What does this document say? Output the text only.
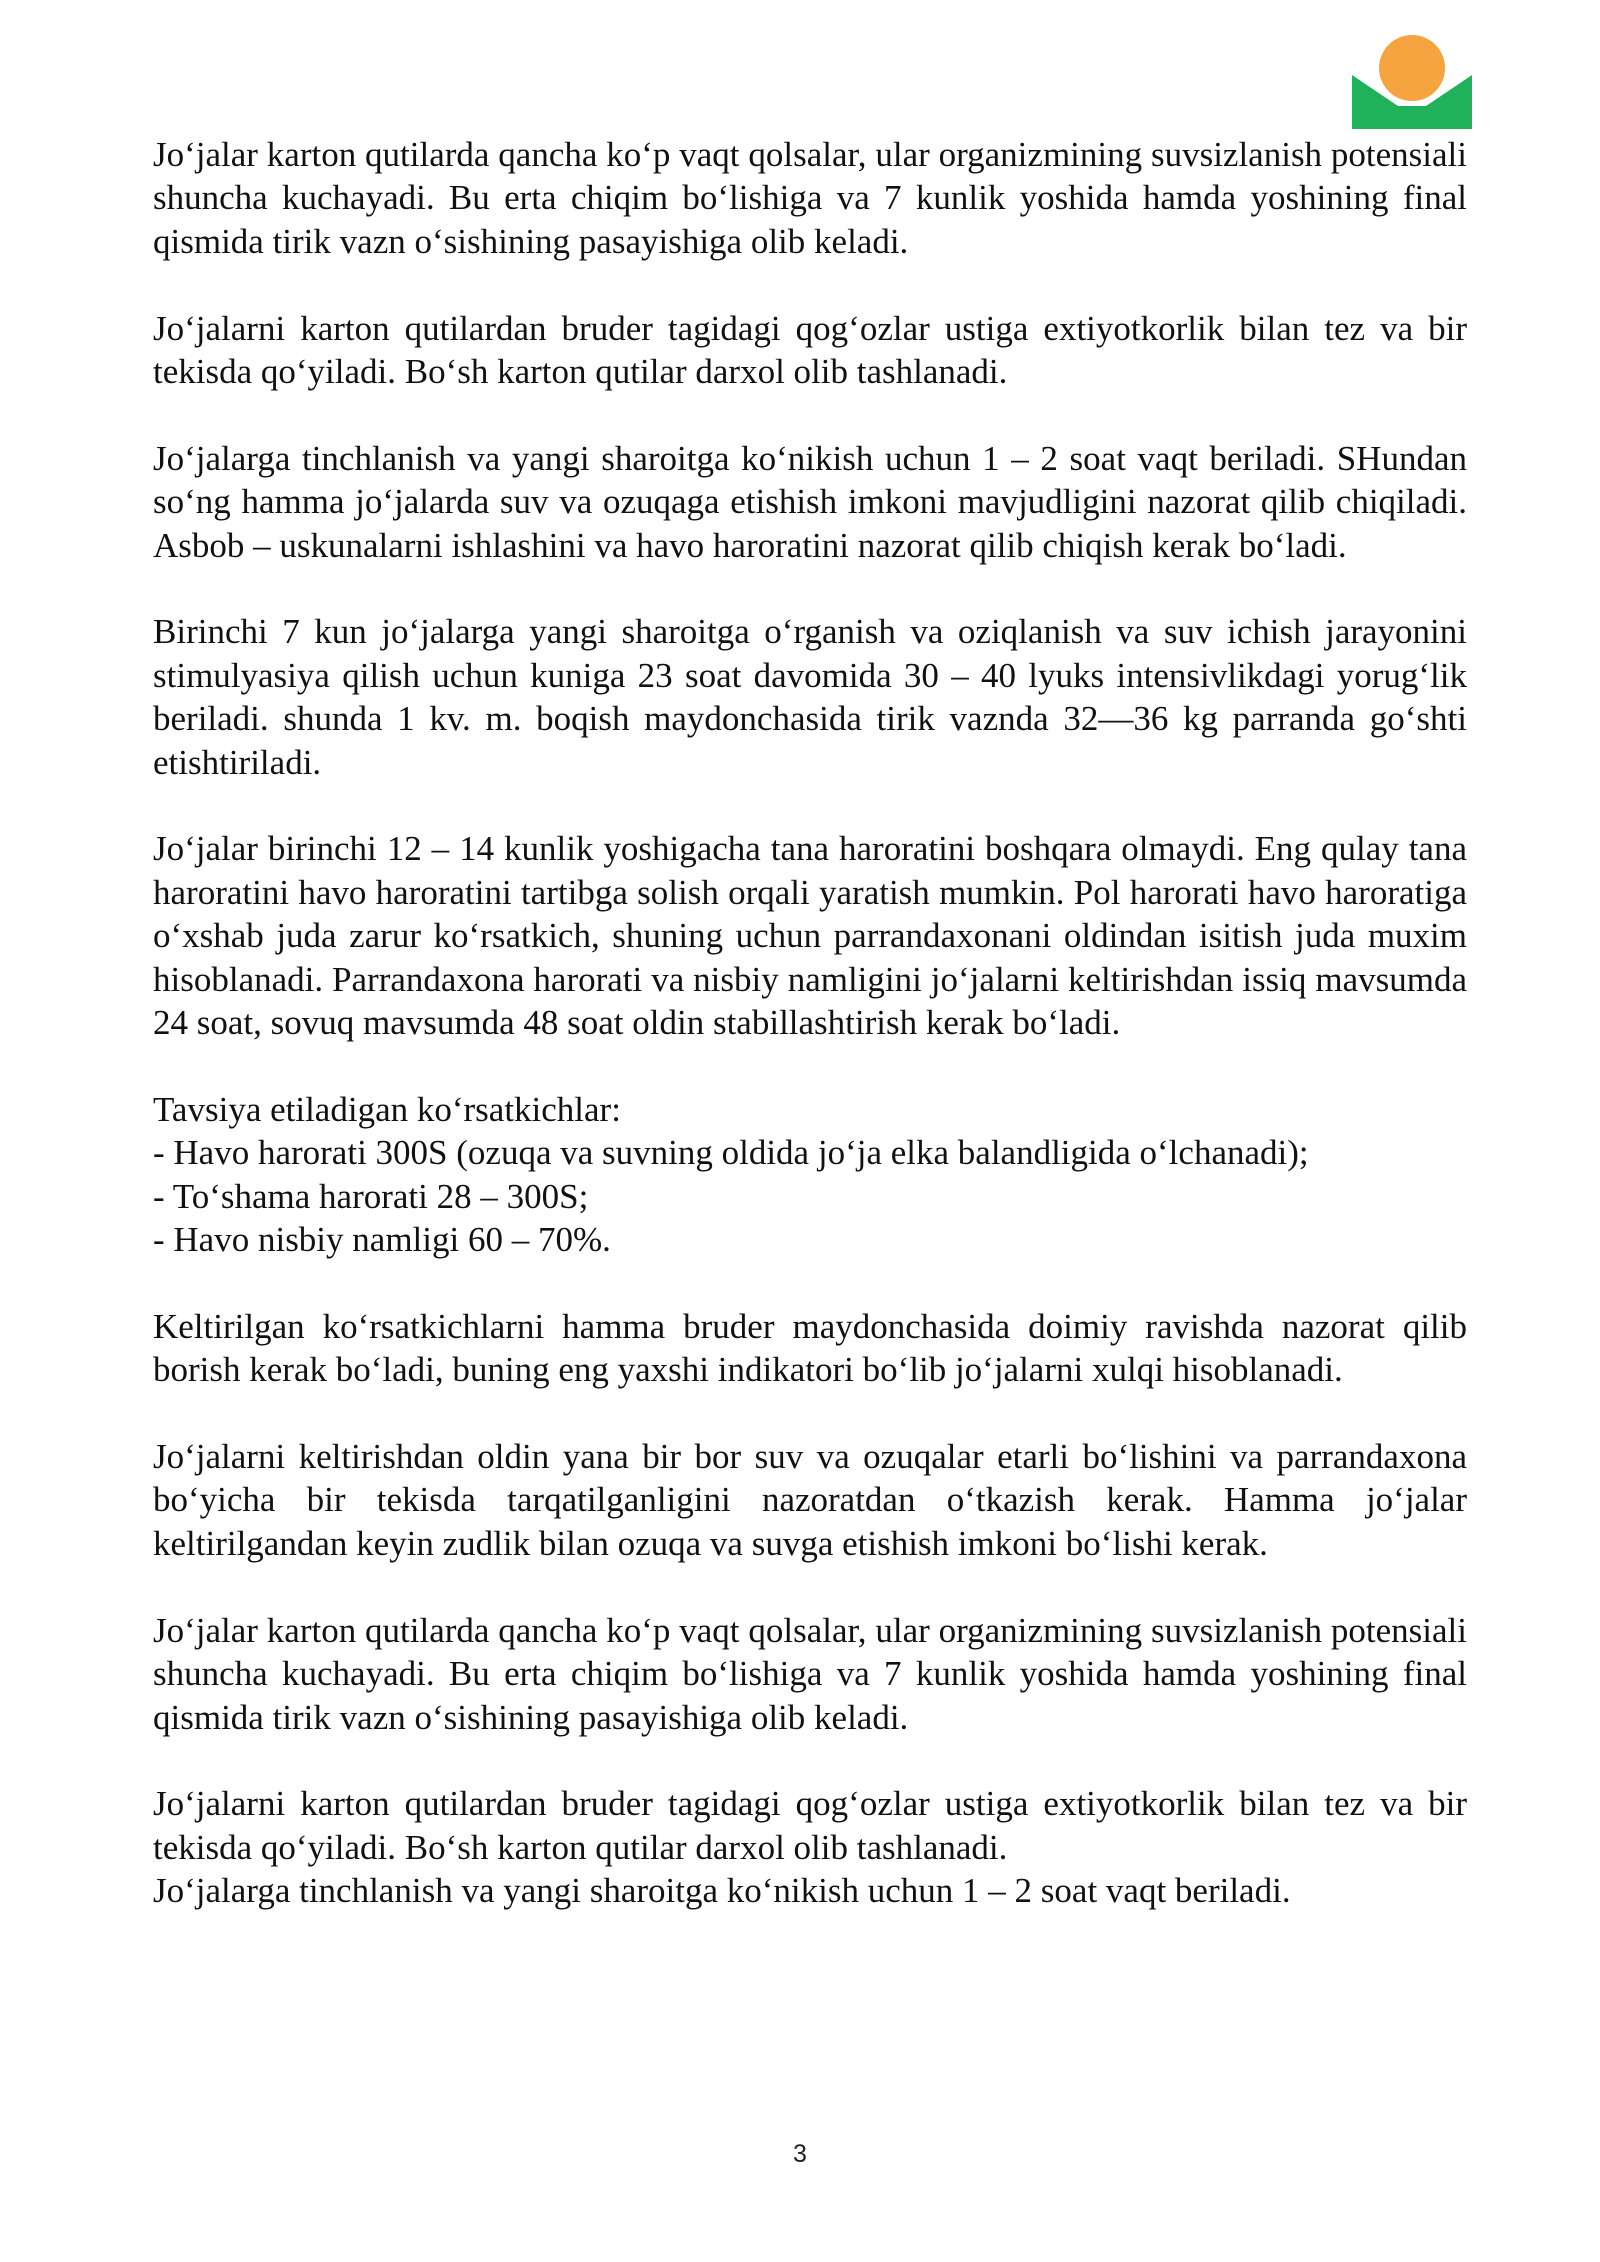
Jo‘jalar karton qutilarda qancha ko‘p vaqt qolsalar, ular organizmining suvsizlanish potensiali shuncha kuchayadi. Bu erta chiqim bo‘lishiga va 7 kunlik yoshida hamda yoshining final qismida tirik vazn o‘sishining pasayishiga olib keladi.

Jo‘jalarni karton qutilardan bruder tagidagi qog‘ozlar ustiga extiyotkorlik bilan tez va bir tekisda qo‘yiladi. Bo‘sh karton qutilar darxol olib tashlanadi.

Jo‘jalarga tinchlanish va yangi sharoitga ko‘nikish uchun 1 – 2 soat vaqt beriladi. SHundan so‘ng hamma jo‘jalarda suv va ozuqaga etishish imkoni mavjudligini nazorat qilib chiqiladi. Asbob – uskunalarni ishlashini va havo haroratini nazorat qilib chiqish kerak bo‘ladi.

Birinchi 7 kun jo‘jalarga yangi sharoitga o‘rganish va oziqlanish va suv ichish jarayonini stimulyasiya qilish uchun kuniga 23 soat davomida 30 – 40 lyuks intensivlikdagi yorug‘lik beriladi. shunda 1 kv. m. boqish maydonchasida tirik vaznda 32—36 kg parranda go‘shti etishtiriladi.

Jo‘jalar birinchi 12 – 14 kunlik yoshigacha tana haroratini boshqara olmaydi. Eng qulay tana haroratini havo haroratini tartibga solish orqali yaratish mumkin. Pol harorati havo haroratiga o‘xshab juda zarur ko‘rsatkich, shuning uchun parrandaxonani oldindan isitish juda muxim hisoblanadi. Parrandaxona harorati va nisbiy namligini jo‘jalarni keltirishdan issiq mavsumda 24 soat, sovuq mavsumda 48 soat oldin stabillashtirish kerak bo‘ladi.

Tavsiya etiladigan ko‘rsatkichlar:
- Havo harorati 300S (ozuqa va suvning oldida jo‘ja elka balandligida o‘lchanadi);
- To‘shama harorati 28 – 300S;
- Havo nisbiy namligi 60 – 70%.

Keltirilgan ko‘rsatkichlarni hamma bruder maydonchasida doimiy ravishda nazorat qilib borish kerak bo‘ladi, buning eng yaxshi indikatori bo‘lib jo‘jalarni xulqi hisoblanadi.

Jo‘jalarni keltirishdan oldin yana bir bor suv va ozuqalar etarli bo‘lishini va parrandaxona bo‘yicha bir tekisda tarqatilganligini nazoratdan o‘tkazish kerak. Hamma jo‘jalar keltirilgandan keyin zudlik bilan ozuqa va suvga etishish imkoni bo‘lishi kerak.

Jo‘jalar karton qutilarda qancha ko‘p vaqt qolsalar, ular organizmining suvsizlanish potensiali shuncha kuchayadi. Bu erta chiqim bo‘lishiga va 7 kunlik yoshida hamda yoshining final qismida tirik vazn o‘sishining pasayishiga olib keladi.

Jo‘jalarni karton qutilardan bruder tagidagi qog‘ozlar ustiga extiyotkorlik bilan tez va bir tekisda qo‘yiladi. Bo‘sh karton qutilar darxol olib tashlanadi.

Jo‘jalarga tinchlanish va yangi sharoitga ko‘nikish uchun 1 – 2 soat vaqt beriladi.

3
